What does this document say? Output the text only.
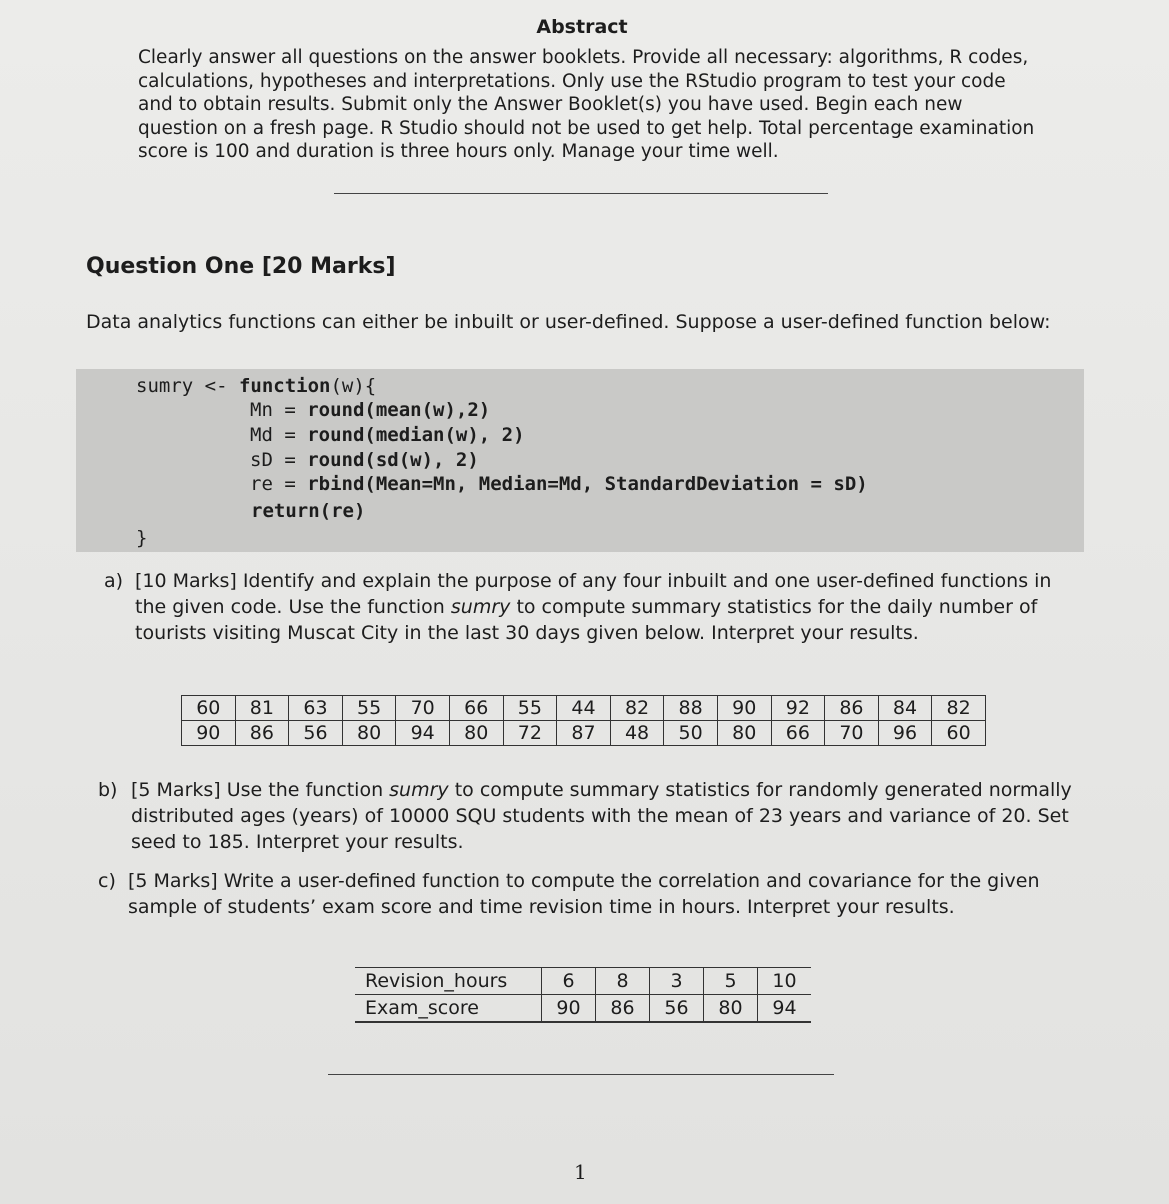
Abstract
Clearly answer all questions on the answer booklets. Provide all necessary: algorithms, R codes, calculations, hypotheses and interpretations. Only use the RStudio program to test your code and to obtain results. Submit only the Answer Booklet(s) you have used. Begin each new question on a fresh page. R Studio should not be used to get help. Total percentage examination score is 100 and duration is three hours only. Manage your time well.
Question One [20 Marks]
Data analytics functions can either be inbuilt or user-defined. Suppose a user-defined function below:
sumry <- function(w){
Mn = round(mean(w),2)
Md = round(median(w), 2)
sD = round(sd(w), 2)
re = rbind(Mean=Mn, Median=Md, StandardDeviation = sD)
return(re)
}
a) [10 Marks] Identify and explain the purpose of any four inbuilt and one user-defined functions in the given code. Use the function sumry to compute summary statistics for the daily number of tourists visiting Muscat City in the last 30 days given below. Interpret your results.
60	81	63	55	70	66	55	44	82	88	90	92	86	84	82
90	86	56	80	94	80	72	87	48	50	80	66	70	96	60
b) [5 Marks] Use the function sumry to compute summary statistics for randomly generated normally distributed ages (years) of 10000 SQU students with the mean of 23 years and variance of 20. Set seed to 185. Interpret your results.
c) [5 Marks] Write a user-defined function to compute the correlation and covariance for the given sample of students’ exam score and time revision time in hours. Interpret your results.
Revision_hours	6	8	3	5	10
Exam_score	90	86	56	80	94
1
